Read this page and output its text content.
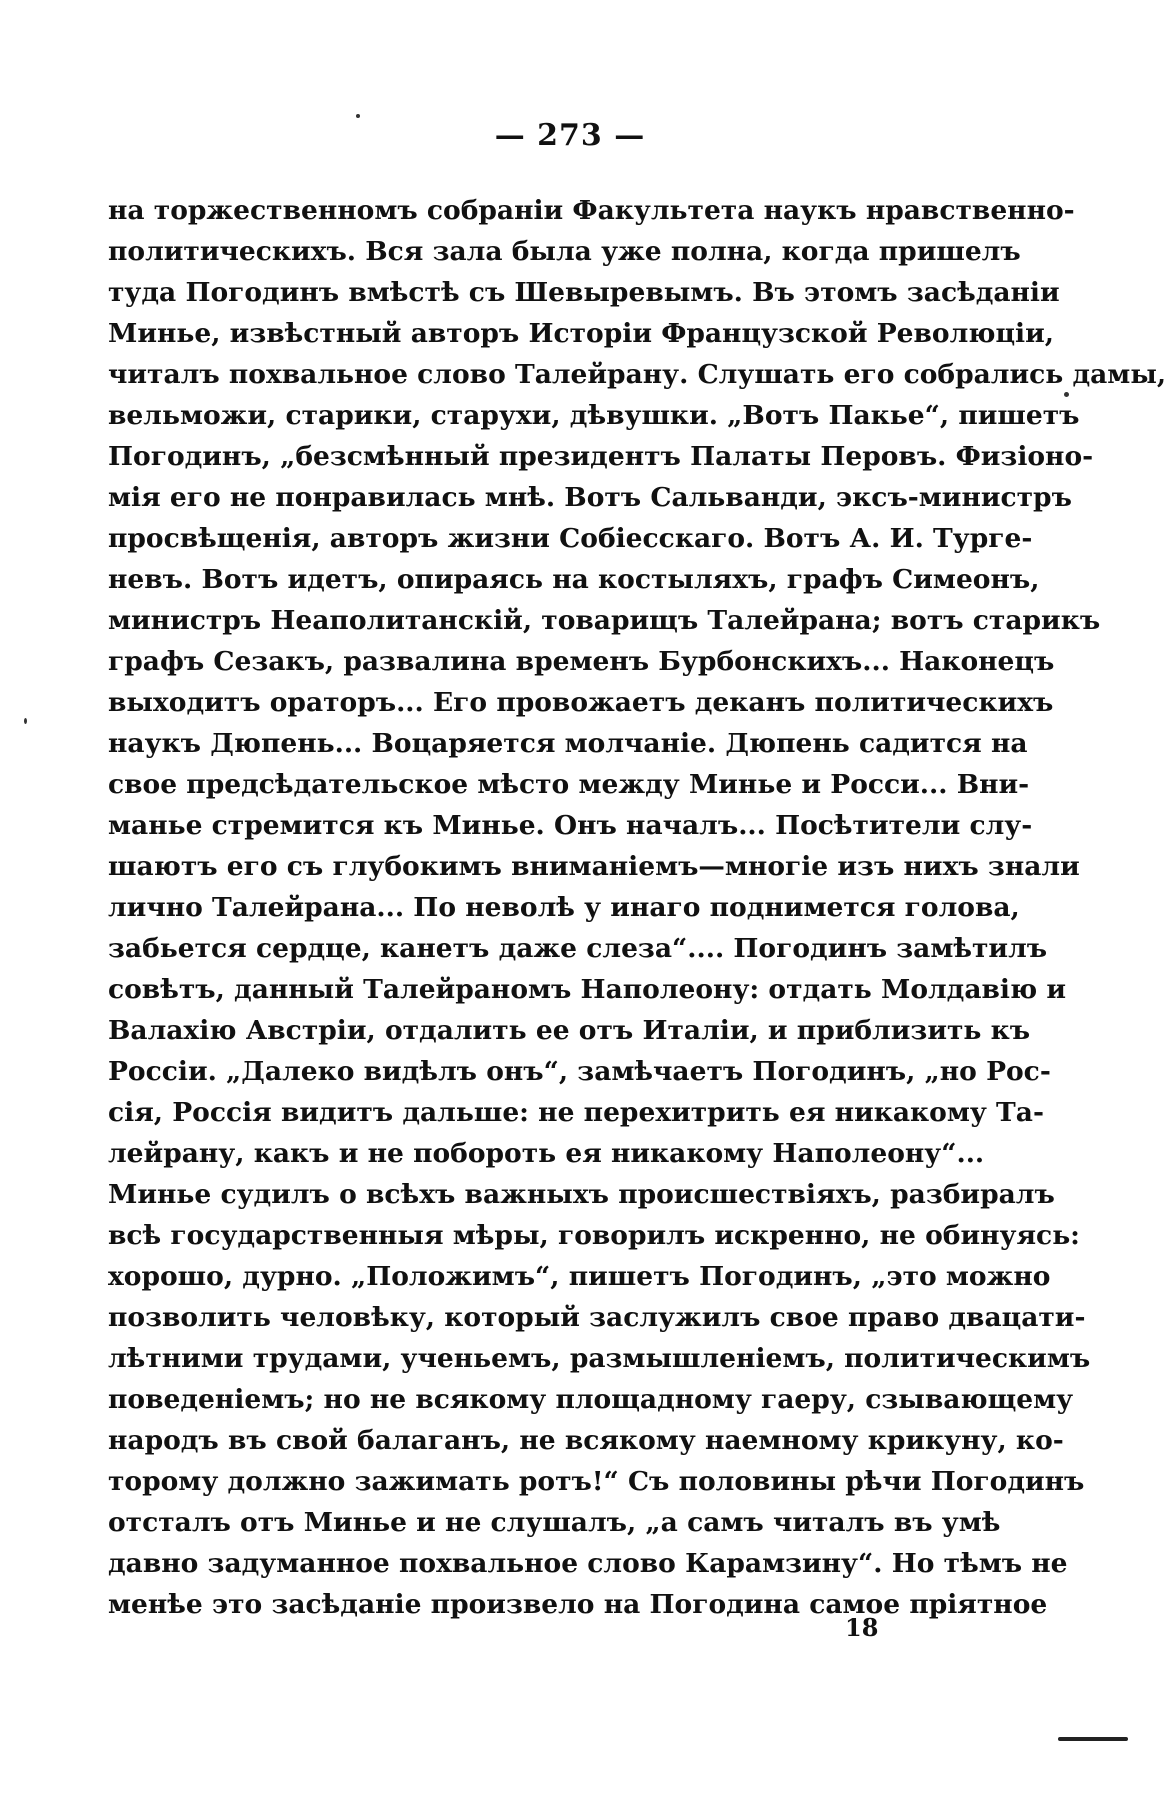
— 273 —
на торжественномъ собранiи Факультета наукъ нравственно-
политическихъ. Вся зала была уже полна, когда пришелъ
туда Погодинъ вмѣстѣ съ Шевыревымъ. Въ этомъ засѣданiи
Минье, извѣстный авторъ Исторiи Французской Революцiи,
читалъ похвальное слово Талейрану. Слушать его собрались дамы,
вельможи, старики, старухи, дѣвушки. „Вотъ Пакье“, пишетъ
Погодинъ, „безсмѣнный президентъ Палаты Перовъ. Физiоно-
мiя его не понравилась мнѣ. Вотъ Сальванди, эксъ-министръ
просвѣщенiя, авторъ жизни Собiесскаго. Вотъ А. И. Турге-
невъ. Вотъ идетъ, опираясь на костыляхъ, графъ Симеонъ,
министръ Неаполитанскiй, товарищъ Талейрана; вотъ старикъ
графъ Сезакъ, развалина временъ Бурбонскихъ... Наконецъ
выходитъ ораторъ... Его провожаетъ деканъ политическихъ
наукъ Дюпень... Воцаряется молчанiе. Дюпень садится на
свое предсѣдательское мѣсто между Минье и Росси... Вни-
манье стремится къ Минье. Онъ началъ... Посѣтители слу-
шаютъ его съ глубокимъ вниманiемъ—многiе изъ нихъ знали
лично Талейрана... По неволѣ у инаго поднимется голова,
забьется сердце, канетъ даже слеза“.... Погодинъ замѣтилъ
совѣтъ, данный Талейраномъ Наполеону: отдать Молдавiю и
Валахiю Австрiи, отдалить ее отъ Италiи, и приблизить къ
Россiи. „Далеко видѣлъ онъ“, замѣчаетъ Погодинъ, „но Рос-
сiя, Россiя видитъ дальше: не перехитрить ея никакому Та-
лейрану, какъ и не побороть ея никакому Наполеону“...
Минье судилъ о всѣхъ важныхъ происшествiяхъ, разбиралъ
всѣ государственныя мѣры, говорилъ искренно, не обинуясь:
хорошо, дурно. „Положимъ“, пишетъ Погодинъ, „это можно
позволить человѣку, который заслужилъ свое право двацати-
лѣтними трудами, ученьемъ, размышленiемъ, политическимъ
поведенiемъ; но не всякому площадному гаеру, сзывающему
народъ въ свой балаганъ, не всякому наемному крикуну, ко-
торому должно зажимать ротъ!“ Съ половины рѣчи Погодинъ
отсталъ отъ Минье и не слушалъ, „а самъ читалъ въ умѣ
давно задуманное похвальное слово Карамзину“. Но тѣмъ не
менѣе это засѣданiе произвело на Погодина самое прiятное
18
